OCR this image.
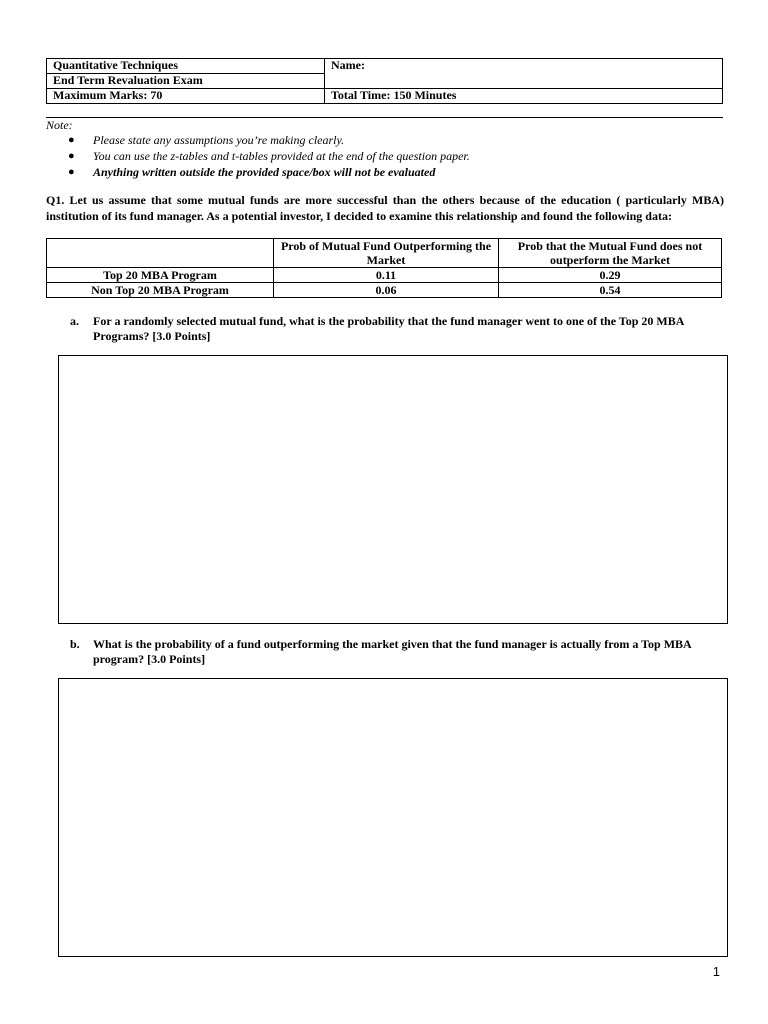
Quantitative Techniques	Name:
End Term Revaluation Exam	
Maximum Marks: 70	Total Time: 150 Minutes
Note:
● Please state any assumptions you’re making clearly.
● You can use the z-tables and t-tables provided at the end of the question paper.
● Anything written outside the provided space/box will not be evaluated
Q1. Let us assume that some mutual funds are more successful than the others because of the education ( particularly MBA) institution of its fund manager. As a potential investor, I decided to examine this relationship and found the following data:
	Prob of Mutual Fund Outperforming the Market	Prob that the Mutual Fund does not outperform the Market
Top 20 MBA Program	0.11	0.29
Non Top 20 MBA Program	0.06	0.54
a. For a randomly selected mutual fund, what is the probability that the fund manager went to one of the Top 20 MBA Programs? [3.0 Points]
b. What is the probability of a fund outperforming the market given that the fund manager is actually from a Top MBA program? [3.0 Points]
1
